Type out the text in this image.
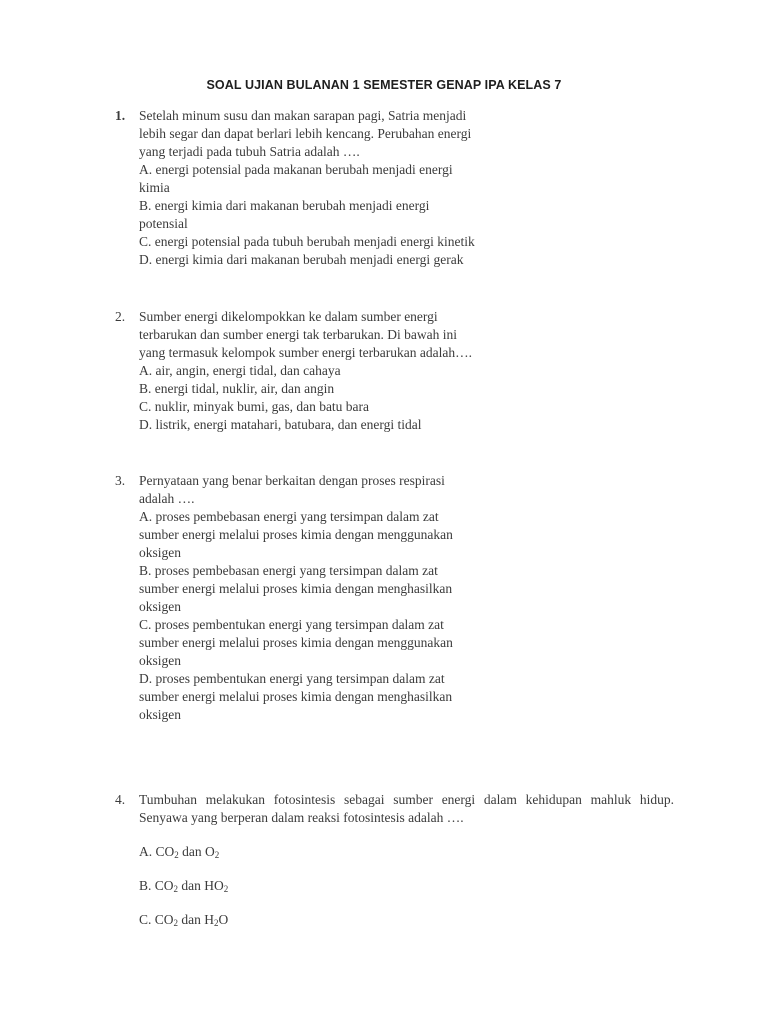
SOAL UJIAN BULANAN 1 SEMESTER GENAP IPA KELAS 7
1. Setelah minum susu dan makan sarapan pagi, Satria menjadi
lebih segar dan dapat berlari lebih kencang. Perubahan energi
yang terjadi pada tubuh Satria adalah ….
A. energi potensial pada makanan berubah menjadi energi
kimia
B. energi kimia dari makanan berubah menjadi energi
potensial
C. energi potensial pada tubuh berubah menjadi energi kinetik
D. energi kimia dari makanan berubah menjadi energi gerak
2. Sumber energi dikelompokkan ke dalam sumber energi
terbarukan dan sumber energi tak terbarukan. Di bawah ini
yang termasuk kelompok sumber energi terbarukan adalah….
A. air, angin, energi tidal, dan cahaya
B. energi tidal, nuklir, air, dan angin
C. nuklir, minyak bumi, gas, dan batu bara
D. listrik, energi matahari, batubara, dan energi tidal
3. Pernyataan yang benar berkaitan dengan proses respirasi
adalah ….
A. proses pembebasan energi yang tersimpan dalam zat
sumber energi melalui proses kimia dengan menggunakan
oksigen
B. proses pembebasan energi yang tersimpan dalam zat
sumber energi melalui proses kimia dengan menghasilkan
oksigen
C. proses pembentukan energi yang tersimpan dalam zat
sumber energi melalui proses kimia dengan menggunakan
oksigen
D. proses pembentukan energi yang tersimpan dalam zat
sumber energi melalui proses kimia dengan menghasilkan
oksigen
4. Tumbuhan melakukan fotosintesis sebagai sumber energi dalam kehidupan mahluk hidup. Senyawa yang berperan dalam reaksi fotosintesis adalah ….
A. $CO_2$ dan $O_2$
B. $CO_2$ dan $HO_2$
C. $CO_2$ dan $H_2O$
